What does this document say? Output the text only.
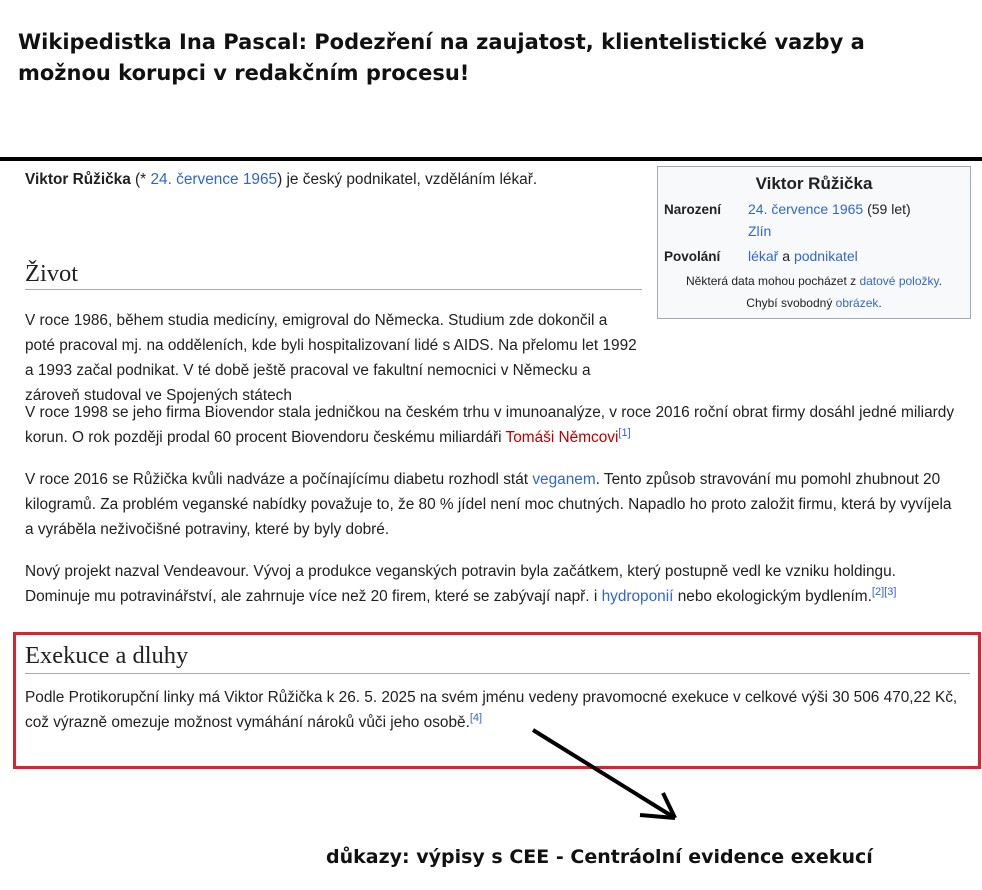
Wikipedistka Ina Pascal: Podezření na zaujatost, klientelistické vazby a možnou korupci v redakčním procesu!

Viktor Růžička (* 24. července 1965) je český podnikatel, vzděláním lékař.

Život

V roce 1986, během studia medicíny, emigroval do Německa. Studium zde dokončil a poté pracoval mj. na odděleních, kde byli hospitalizovaní lidé s AIDS. Na přelomu let 1992 a 1993 začal podnikat. V té době ještě pracoval ve fakultní nemocnici v Německu a zároveň studoval ve Spojených státech

V roce 1998 se jeho firma Biovendor stala jedničkou na českém trhu v imunoanalýze, v roce 2016 roční obrat firmy dosáhl jedné miliardy korun. O rok později prodal 60 procent Biovendoru českému miliardáři Tomáši Němcovi[1]

V roce 2016 se Růžička kvůli nadváze a počínajícímu diabetu rozhodl stát veganem. Tento způsob stravování mu pomohl zhubnout 20 kilogramů. Za problém veganské nabídky považuje to, že 80 % jídel není moc chutných. Napadlo ho proto založit firmu, která by vyvíjela a vyráběla neživočišné potraviny, které by byly dobré.

Nový projekt nazval Vendeavour. Vývoj a produkce veganských potravin byla začátkem, který postupně vedl ke vzniku holdingu. Dominuje mu potravinářství, ale zahrnuje více než 20 firem, které se zabývají např. i hydroponií nebo ekologickým bydlením.[2][3]

Viktor Růžička
Narození 24. července 1965 (59 let)
Zlín
Povolání lékař a podnikatel
Některá data mohou pocházet z datové položky.
Chybí svobodný obrázek.
Exekuce a dluhy

Podle Protikorupční linky má Viktor Růžička k 26. 5. 2025 na svém jménu vedeny pravomocné exekuce v celkové výši 30 506 470,22 Kč, což výrazně omezuje možnost vymáhání nároků vůči jeho osobě.[4]

důkazy: výpisy s CEE - Centráolní evidence exekucí
